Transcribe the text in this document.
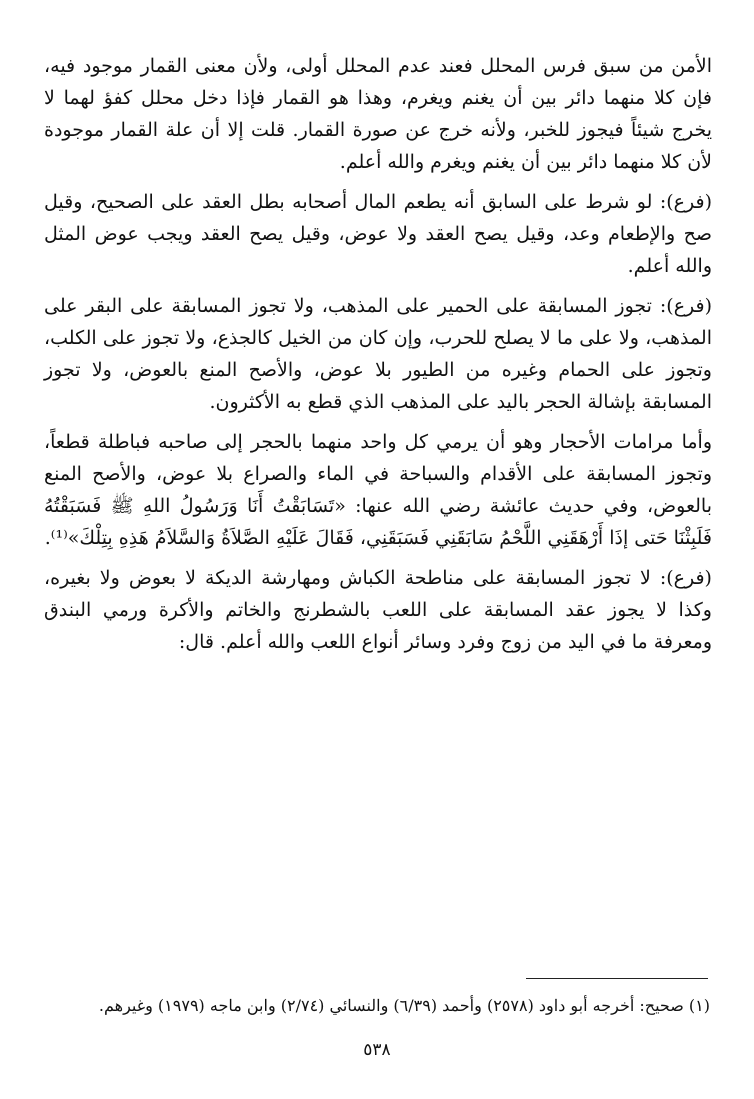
الأمن من سبق فرس المحلل فعند عدم المحلل أولى، ولأن معنى القمار موجود فيه، فإن كلا منهما دائر بين أن يغنم ويغرم، وهذا هو القمار فإذا دخل محلل كفؤ لهما لا يخرج شيئاً فيجوز للخبر، ولأنه خرج عن صورة القمار. قلت إلا أن علة القمار موجودة لأن كلا منهما دائر بين أن يغنم ويغرم والله أعلم.

(فرع): لو شرط على السابق أنه يطعم المال أصحابه بطل العقد على الصحيح، وقيل صح والإطعام وعد، وقيل يصح العقد ولا عوض، وقيل يصح العقد ويجب عوض المثل والله أعلم.

(فرع): تجوز المسابقة على الحمير على المذهب، ولا تجوز المسابقة على البقر على المذهب، ولا على ما لا يصلح للحرب، وإن كان من الخيل كالجذع، ولا تجوز على الكلب، وتجوز على الحمام وغيره من الطيور بلا عوض، والأصح المنع بالعوض، ولا تجوز المسابقة بإشالة الحجر باليد على المذهب الذي قطع به الأكثرون.

وأما مرامات الأحجار وهو أن يرمي كل واحد منهما بالحجر إلى صاحبه فباطلة قطعاً، وتجوز المسابقة على الأقدام والسباحة في الماء والصراع بلا عوض، والأصح المنع بالعوض، وفي حديث عائشة رضي الله عنها: «تَسَابَقْتُ أَنَا وَرَسُولُ اللهِ ﷺ فَسَبَقْتُهُ فَلَبِثْنَا حَتى إذَا أَرْهَقَنِي اللَّحْمُ سَابَقَنِي فَسَبَقَنِي، فَقَالَ عَلَيْهِ الصَّلاَةُ وَالسَّلاَمُ هَذِهِ بِتِلْكَ»⁽¹⁾.

(فرع): لا تجوز المسابقة على مناطحة الكباش ومهارشة الديكة لا بعوض ولا بغيره، وكذا لا يجوز عقد المسابقة على اللعب بالشطرنج والخاتم والأكرة ورمي البندق ومعرفة ما في اليد من زوج وفرد وسائر أنواع اللعب والله أعلم. قال:

(١) صحيح: أخرجه أبو داود (٢٥٧٨) وأحمد (٦/٣٩) والنسائي (٢/٧٤) وابن ماجه (١٩٧٩) وغيرهم.
٥٣٨
